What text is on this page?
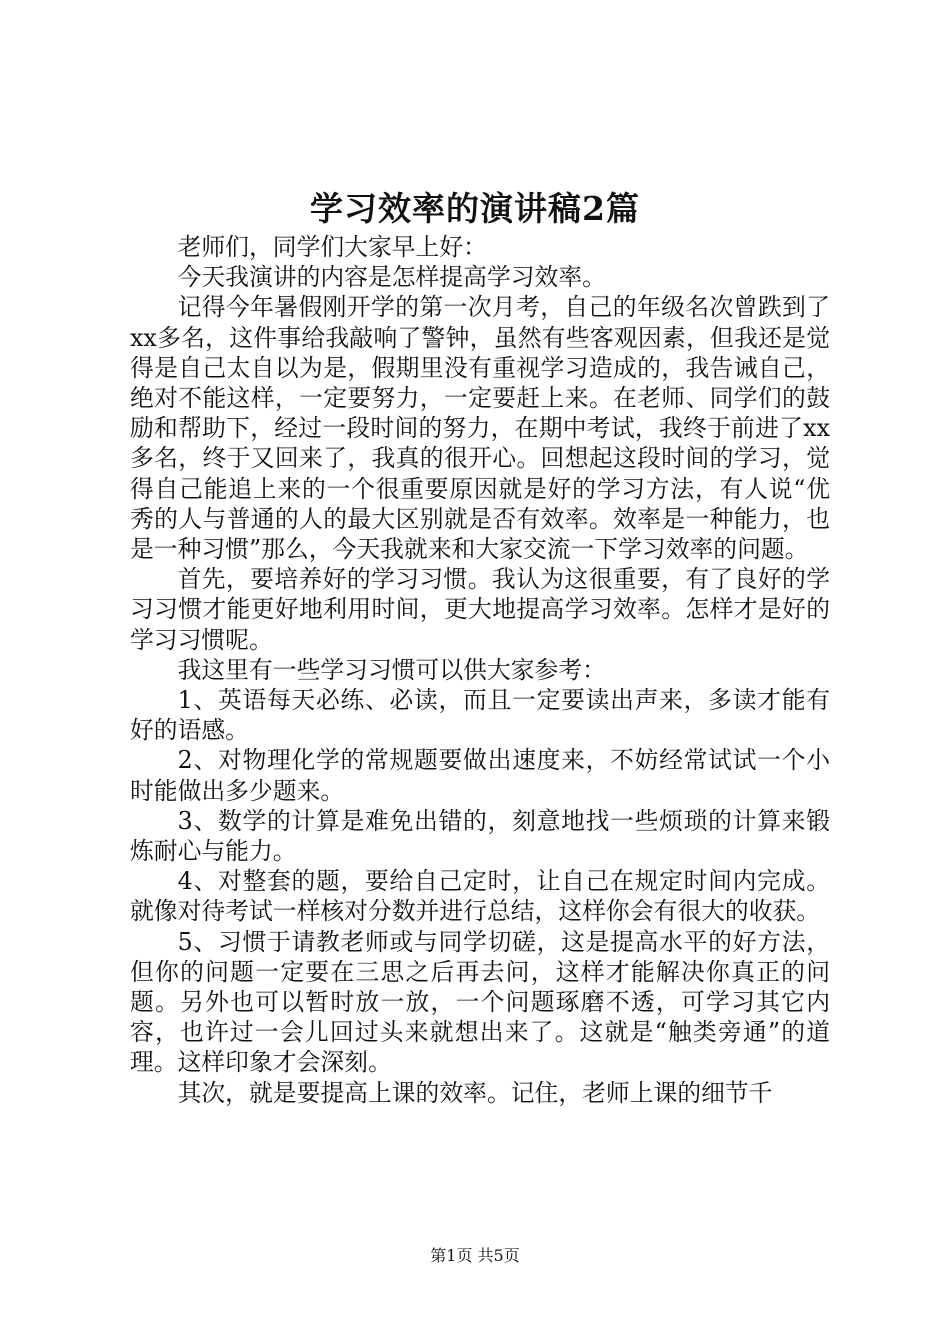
学习效率的演讲稿2篇

老师们，同学们大家早上好：

今天我演讲的内容是怎样提高学习效率。

记得今年暑假刚开学的第一次月考，自己的年级名次曾跌到了xx多名，这件事给我敲响了警钟，虽然有些客观因素，但我还是觉得是自己太自以为是，假期里没有重视学习造成的，我告诫自己，绝对不能这样，一定要努力，一定要赶上来。在老师、同学们的鼓励和帮助下，经过一段时间的努力，在期中考试，我终于前进了xx多名，终于又回来了，我真的很开心。回想起这段时间的学习，觉得自己能追上来的一个很重要原因就是好的学习方法，有人说“优秀的人与普通的人的最大区别就是否有效率。效率是一种能力，也是一种习惯”那么，今天我就来和大家交流一下学习效率的问题。

首先，要培养好的学习习惯。我认为这很重要，有了良好的学习习惯才能更好地利用时间，更大地提高学习效率。怎样才是好的学习习惯呢。

我这里有一些学习习惯可以供大家参考：

1、英语每天必练、必读，而且一定要读出声来，多读才能有好的语感。

2、对物理化学的常规题要做出速度来，不妨经常试试一个小时能做出多少题来。

3、数学的计算是难免出错的，刻意地找一些烦琐的计算来锻炼耐心与能力。

4、对整套的题，要给自己定时，让自己在规定时间内完成。就像对待考试一样核对分数并进行总结，这样你会有很大的收获。

5、习惯于请教老师或与同学切磋，这是提高水平的好方法，但你的问题一定要在三思之后再去问，这样才能解决你真正的问题。另外也可以暂时放一放，一个问题琢磨不透，可学习其它内容，也许过一会儿回过头来就想出来了。这就是“触类旁通”的道理。这样印象才会深刻。

其次，就是要提高上课的效率。记住，老师上课的细节千

第1页 共5页
